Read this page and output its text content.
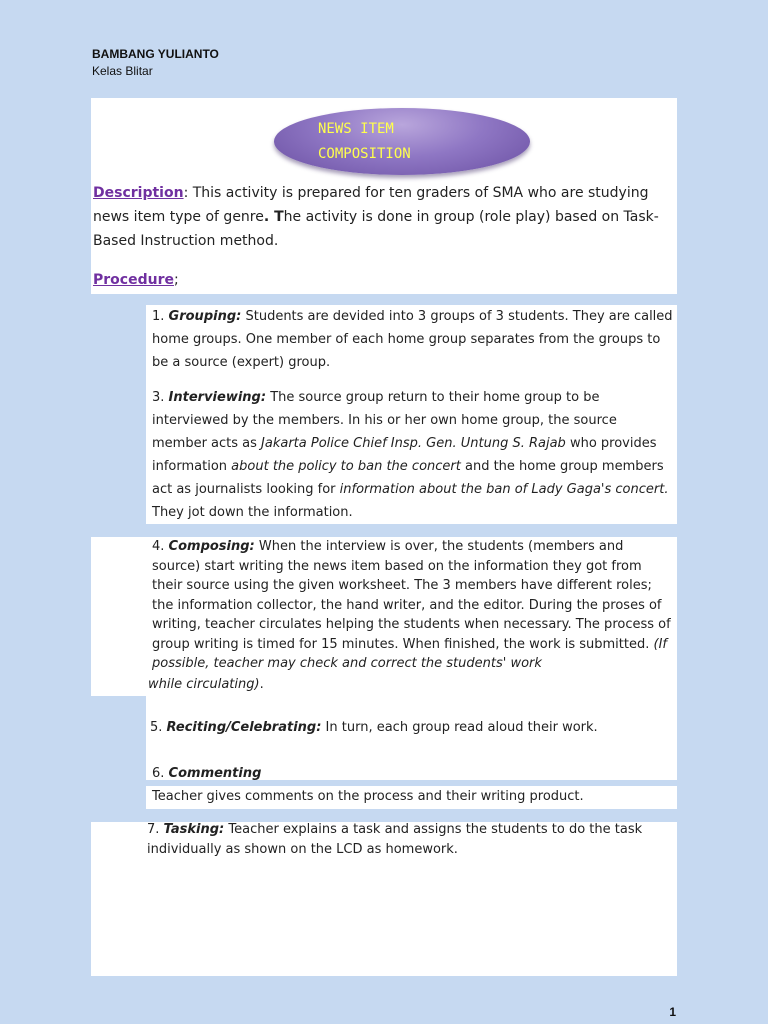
BAMBANG YULIANTO
Kelas Blitar
NEWS ITEM
COMPOSITION
Description: This activity is prepared for ten graders of SMA who are studying news item type of genre. The activity is done in group (role play) based on Task-Based Instruction method.
Procedure;
1. Grouping: Students are devided into 3 groups of 3 students. They are called home groups. One member of each home group separates from the groups to be a source (expert) group.
3. Interviewing: The source group return to their home group to be interviewed by the members. In his or her own home group, the source member acts as Jakarta Police Chief Insp. Gen. Untung S. Rajab who provides information about the policy to ban the concert and the home group members act as journalists looking for information about the ban of Lady Gaga's concert. They jot down the information.
4. Composing: When the interview is over, the students (members and source) start writing the news item based on the information they got from their source using the given worksheet. The 3 members have different roles; the information collector, the hand writer, and the editor. During the proses of writing, teacher circulates helping the students when necessary. The process of group writing is timed for 15 minutes. When finished, the work is submitted. (If possible, teacher may check and correct the students' work
while circulating).
5. Reciting/Celebrating: In turn, each group read aloud their work.
6. Commenting
Teacher gives comments on the process and their writing product.
7. Tasking: Teacher explains a task and assigns the students to do the task individually as shown on the LCD as homework.
1
